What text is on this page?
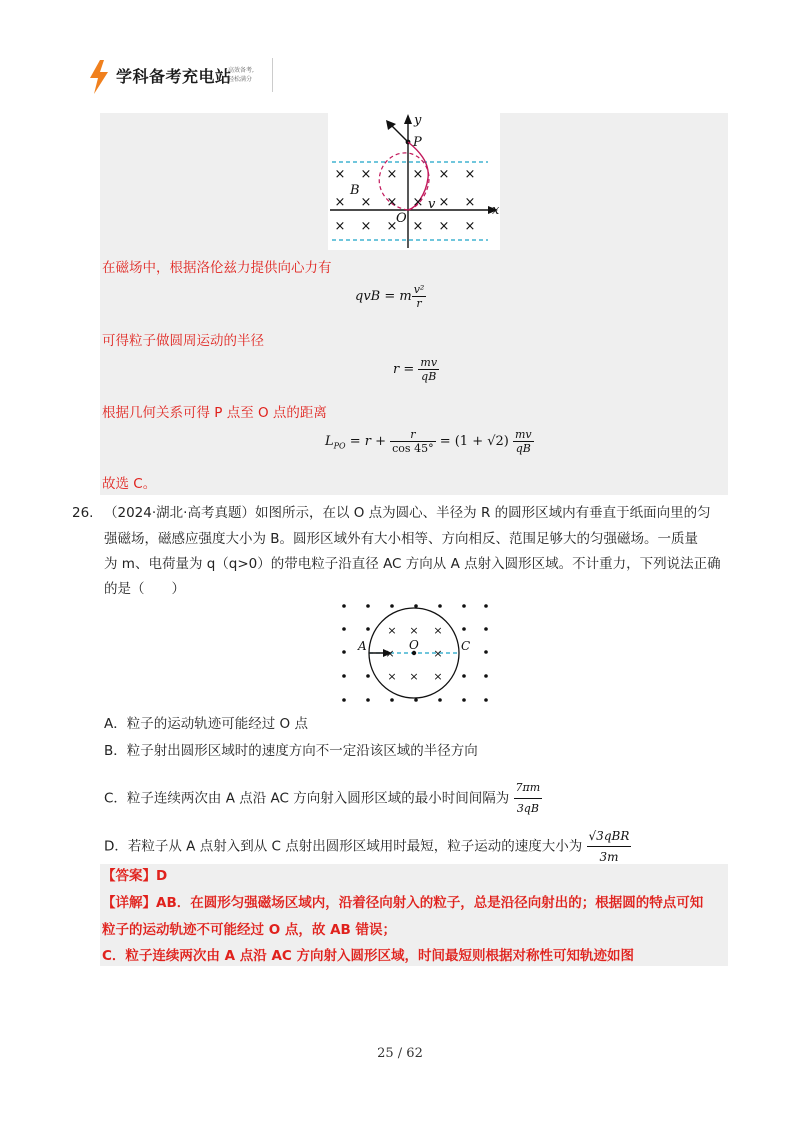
学科备考充电站
高效备考,
轻松满分
× × × × × ×
× × × × × ×
× × × × × ×
y
x
P
O
B
v
在磁场中，根据洛伦兹力提供向心力有
qvB = m $\frac{\text{v²}}{r}$
可得粒子做圆周运动的半径
$r = \frac{mv}{qB}$
根据几何关系可得 P 点至 O 点的距离
$L_{PO} = r + \frac{r}{\cos 45^\circ} = (1 + √2) \frac{mv}{qB}$
故选 C。
26. （2024·湖北·高考真题）如图所示，在以 O 点为圆心、半径为 R 的圆形区域内有垂直于纸面向里的匀
强磁场，磁感应强度大小为 B。圆形区域外有大小相等、方向相反、范围足够大的匀强磁场。一质量
为 m、电荷量为 q（q>0）的带电粒子沿直径 AC 方向从 A 点射入圆形区域。不计重力，下列说法正确
的是（　　）
× × ×
×	×
× × ×
A	O	C
A．粒子的运动轨迹可能经过 O 点
B．粒子射出圆形区域时的速度方向不一定沿该区域的半径方向
C．粒子连续两次由 A 点沿 AC 方向射入圆形区域的最小时间间隔为 $\frac{7\pi m}{3qB}$
D．若粒子从 A 点射入到从 C 点射出圆形区域用时最短，粒子运动的速度大小为 $\frac{\text{√3qBR}}{3m}$
【答案】D
【详解】AB．在圆形匀强磁场区域内，沿着径向射入的粒子，总是沿径向射出的；根据圆的特点可知
粒子的运动轨迹不可能经过 O 点，故 AB 错误；
C．粒子连续两次由 A 点沿 AC 方向射入圆形区域，时间最短则根据对称性可知轨迹如图
25 / 62
